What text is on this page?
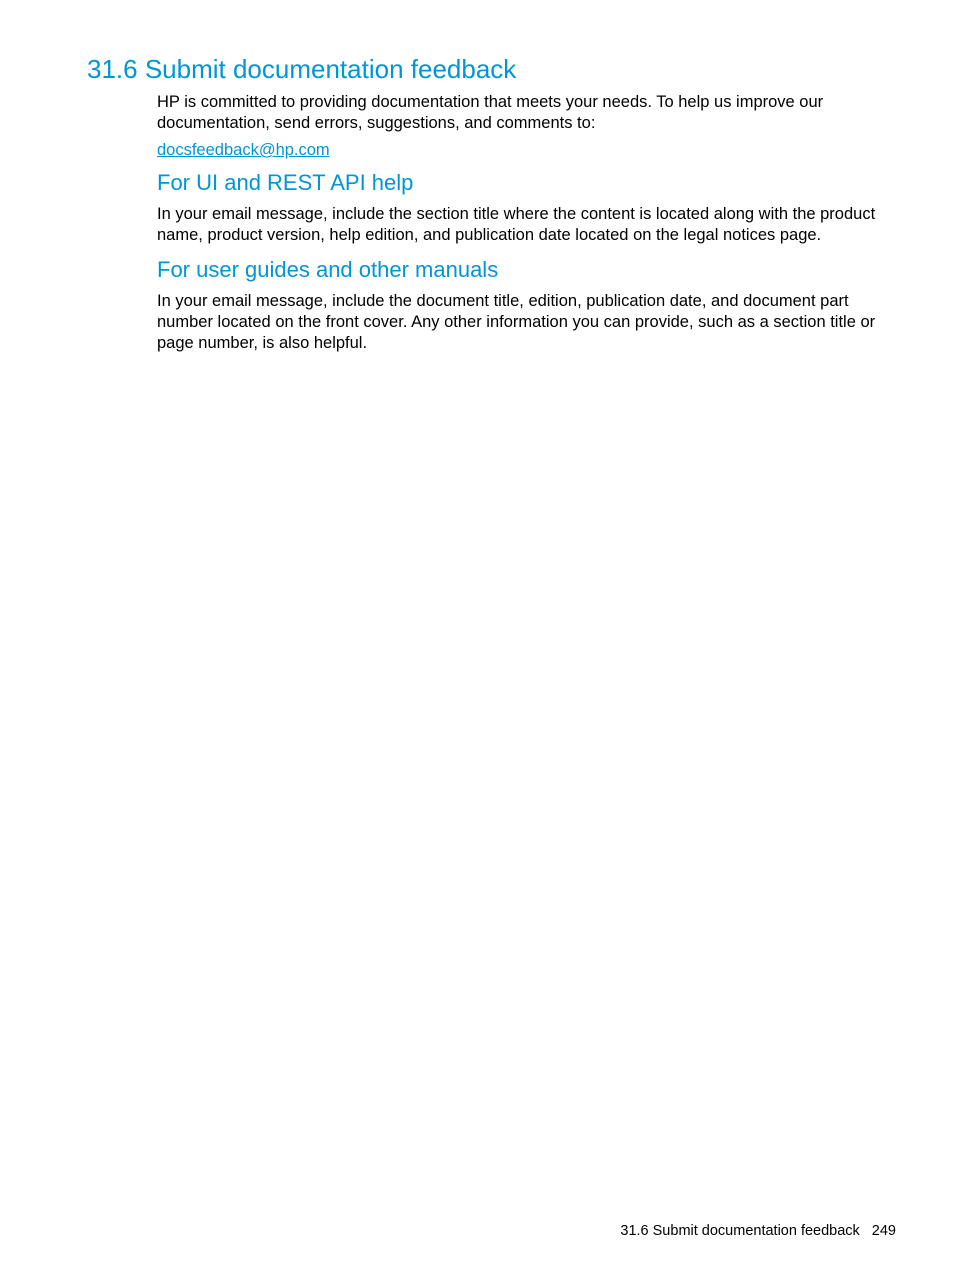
31.6 Submit documentation feedback

HP is committed to providing documentation that meets your needs. To help us improve our documentation, send errors, suggestions, and comments to:

docsfeedback@hp.com

For UI and REST API help

In your email message, include the section title where the content is located along with the product name, product version, help edition, and publication date located on the legal notices page.

For user guides and other manuals

In your email message, include the document title, edition, publication date, and document part number located on the front cover. Any other information you can provide, such as a section title or page number, is also helpful.

31.6 Submit documentation feedback 249
